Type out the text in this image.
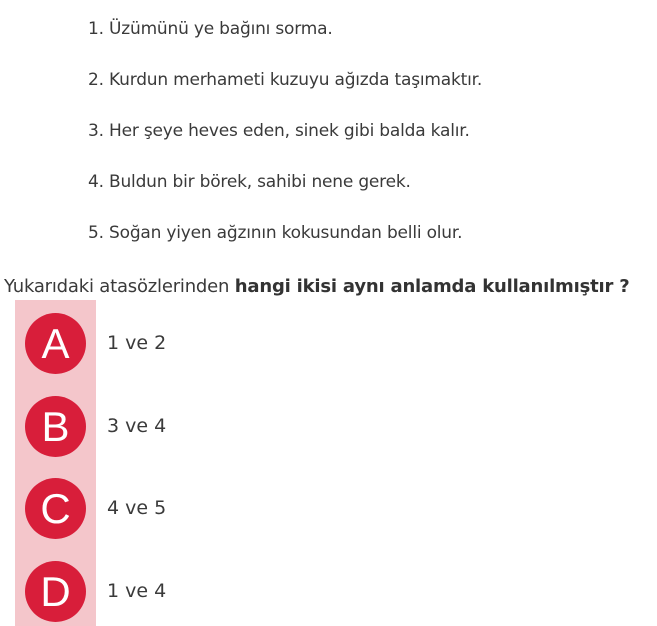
1. Üzümünü ye bağını sorma.
2. Kurdun merhameti kuzuyu ağızda taşımaktır.
3. Her şeye heves eden, sinek gibi balda kalır.
4. Buldun bir börek, sahibi nene gerek.
5. Soğan yiyen ağzının kokusundan belli olur.
Yukarıdaki atasözlerinden hangi ikisi aynı anlamda kullanılmıştır ?
A	1 ve 2
B	3 ve 4
C	4 ve 5
D	1 ve 4
